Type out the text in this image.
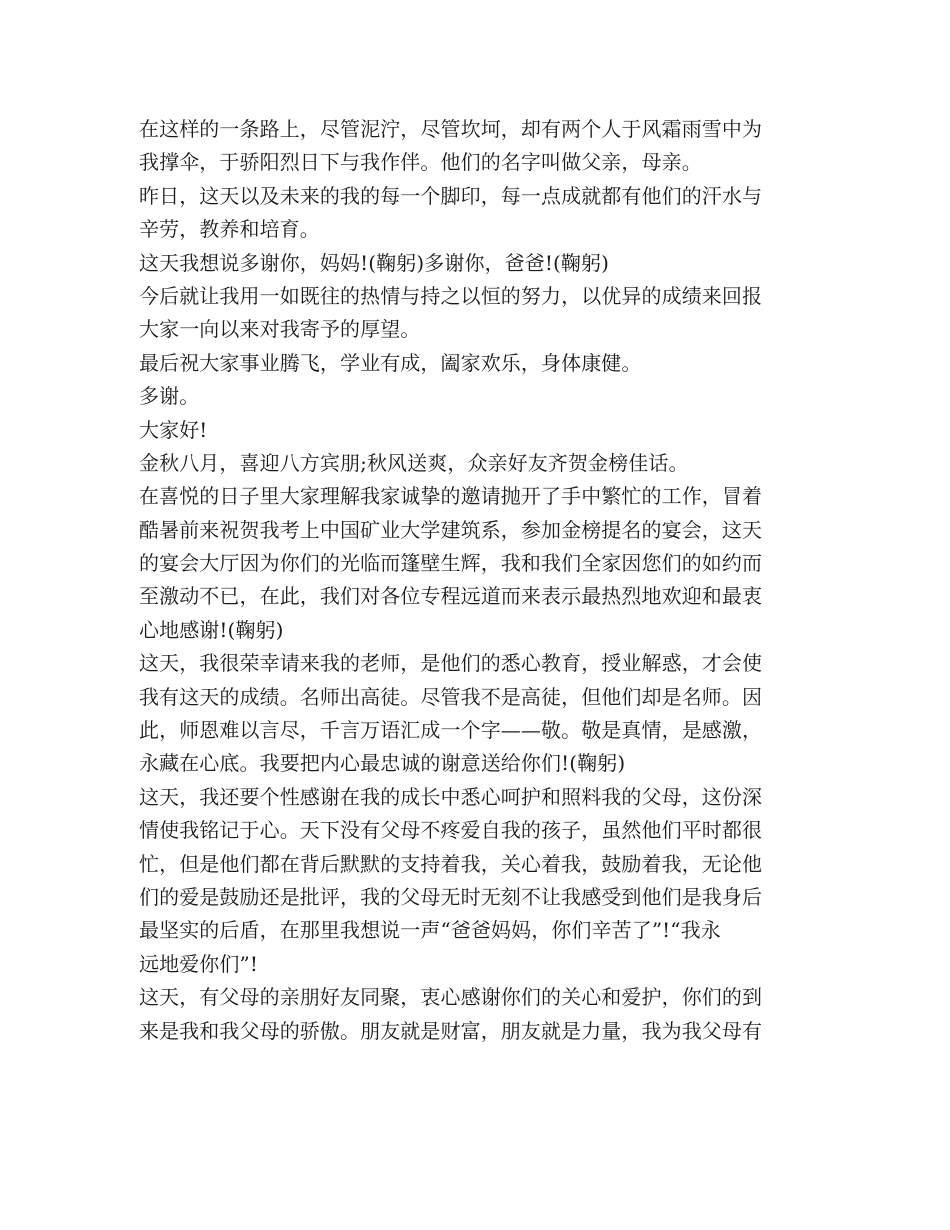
在这样的一条路上，尽管泥泞，尽管坎坷，却有两个人于风霜雨雪中为
我撑伞，于骄阳烈日下与我作伴。他们的名字叫做父亲，母亲。
昨日，这天以及未来的我的每一个脚印，每一点成就都有他们的汗水与
辛劳，教养和培育。
这天我想说多谢你，妈妈!(鞠躬)多谢你，爸爸!(鞠躬)
今后就让我用一如既往的热情与持之以恒的努力，以优异的成绩来回报
大家一向以来对我寄予的厚望。
最后祝大家事业腾飞，学业有成，阖家欢乐，身体康健。
多谢。
大家好!
金秋八月，喜迎八方宾朋;秋风送爽，众亲好友齐贺金榜佳话。
在喜悦的日子里大家理解我家诚挚的邀请抛开了手中繁忙的工作，冒着
酷暑前来祝贺我考上中国矿业大学建筑系，参加金榜提名的宴会，这天
的宴会大厅因为你们的光临而篷壁生辉，我和我们全家因您们的如约而
至激动不已，在此，我们对各位专程远道而来表示最热烈地欢迎和最衷
心地感谢!(鞠躬)
这天，我很荣幸请来我的老师，是他们的悉心教育，授业解惑，才会使
我有这天的成绩。名师出高徒。尽管我不是高徒，但他们却是名师。因
此，师恩难以言尽，千言万语汇成一个字——敬。敬是真情，是感激，
永藏在心底。我要把内心最忠诚的谢意送给你们!(鞠躬)
这天，我还要个性感谢在我的成长中悉心呵护和照料我的父母，这份深
情使我铭记于心。天下没有父母不疼爱自我的孩子，虽然他们平时都很
忙，但是他们都在背后默默的支持着我，关心着我，鼓励着我，无论他
们的爱是鼓励还是批评，我的父母无时无刻不让我感受到他们是我身后
最坚实的后盾，在那里我想说一声“爸爸妈妈，你们辛苦了”!“我永
远地爱你们”!
这天，有父母的亲朋好友同聚，衷心感谢你们的关心和爱护，你们的到
来是我和我父母的骄傲。朋友就是财富，朋友就是力量，我为我父母有
